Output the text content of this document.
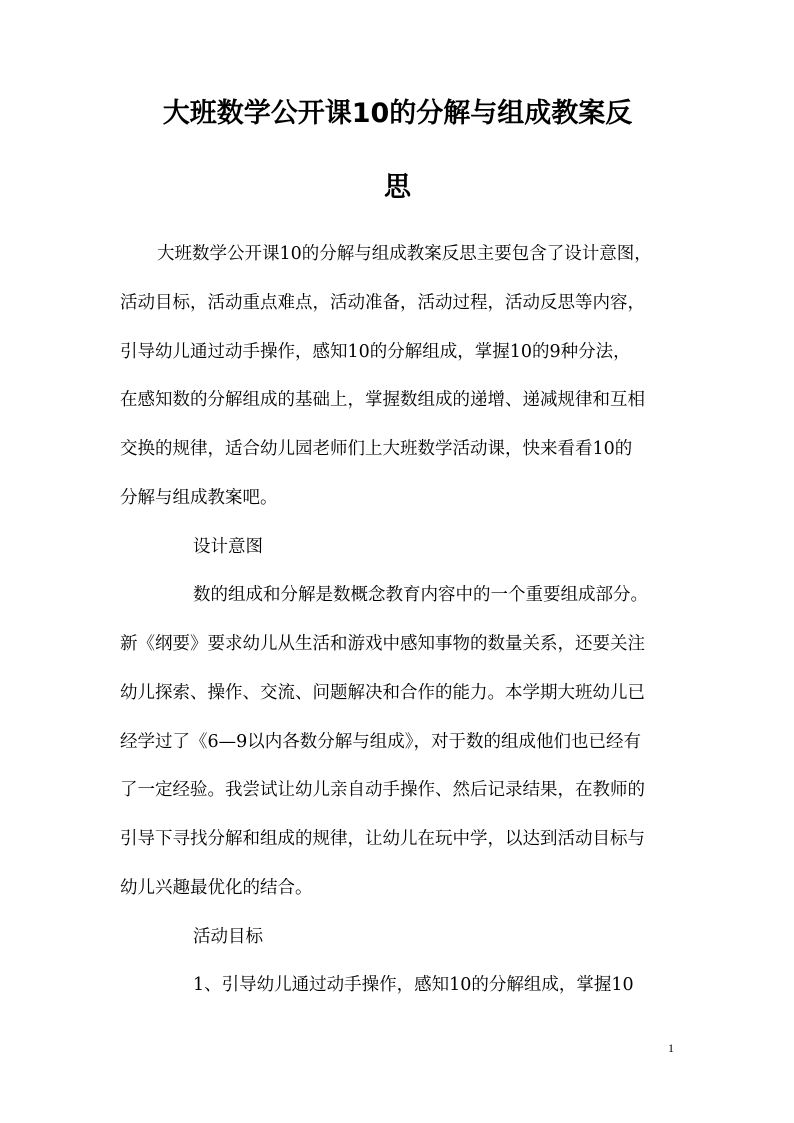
大班数学公开课10的分解与组成教案反
思

大班数学公开课10的分解与组成教案反思主要包含了设计意图，

活动目标，活动重点难点，活动准备，活动过程，活动反思等内容，

引导幼儿通过动手操作，感知10的分解组成，掌握10的9种分法，

在感知数的分解组成的基础上，掌握数组成的递增、递减规律和互相

交换的规律，适合幼儿园老师们上大班数学活动课，快来看看10的

分解与组成教案吧。

设计意图

数的组成和分解是数概念教育内容中的一个重要组成部分。

新《纲要》要求幼儿从生活和游戏中感知事物的数量关系，还要关注

幼儿探索、操作、交流、问题解决和合作的能力。本学期大班幼儿已

经学过了《6—9以内各数分解与组成》，对于数的组成他们也已经有

了一定经验。我尝试让幼儿亲自动手操作、然后记录结果，在教师的

引导下寻找分解和组成的规律，让幼儿在玩中学，以达到活动目标与

幼儿兴趣最优化的结合。

活动目标

1、引导幼儿通过动手操作，感知10的分解组成，掌握10

1
